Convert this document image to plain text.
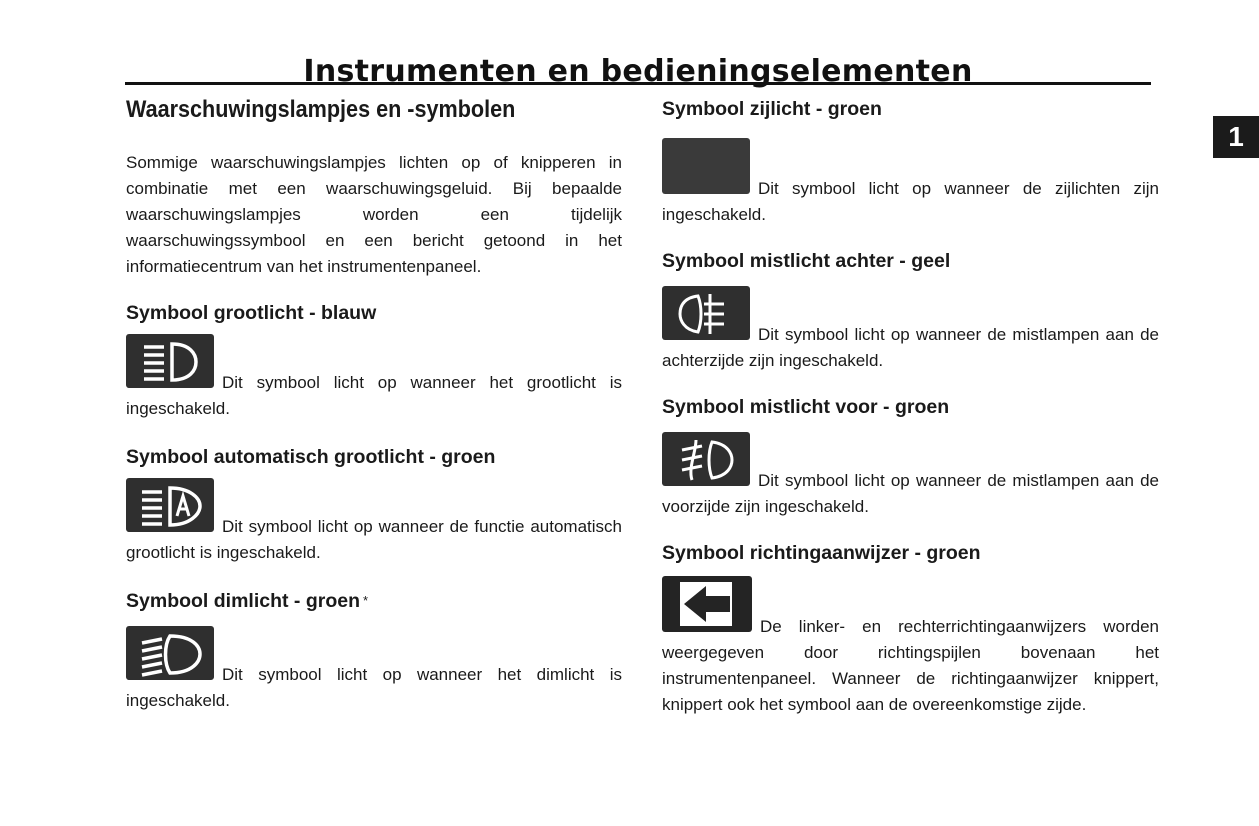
Instrumenten en bedieningselementen
1
Waarschuwingslampjes en -symbolen

Sommige waarschuwingslampjes lichten op of knipperen in combinatie met een waarschuwingsgeluid. Bij bepaalde waarschuwingslampjes worden een tijdelijk waarschuwingssymbool en een bericht getoond in het informatiecentrum van het instrumentenpaneel.

Symbool grootlicht - blauw
Dit symbool licht op wanneer het grootlicht is ingeschakeld.
Symbool automatisch grootlicht - groen
Dit symbool licht op wanneer de functie automatisch grootlicht is ingeschakeld.
Symbool dimlicht - groen *
Dit symbool licht op wanneer het dimlicht is ingeschakeld.
Symbool zijlicht - groen
Dit symbool licht op wanneer de zijlichten zijn ingeschakeld.
Symbool mistlicht achter - geel
Dit symbool licht op wanneer de mistlampen aan de achterzijde zijn ingeschakeld.
Symbool mistlicht voor - groen
Dit symbool licht op wanneer de mistlampen aan de voorzijde zijn ingeschakeld.
Symbool richtingaanwijzer - groen
De linker- en rechterrichtingaanwijzers worden weergegeven door richtingspijlen bovenaan het instrumentenpaneel. Wanneer de richtingaanwijzer knippert, knippert ook het symbool aan de overeenkomstige zijde.
